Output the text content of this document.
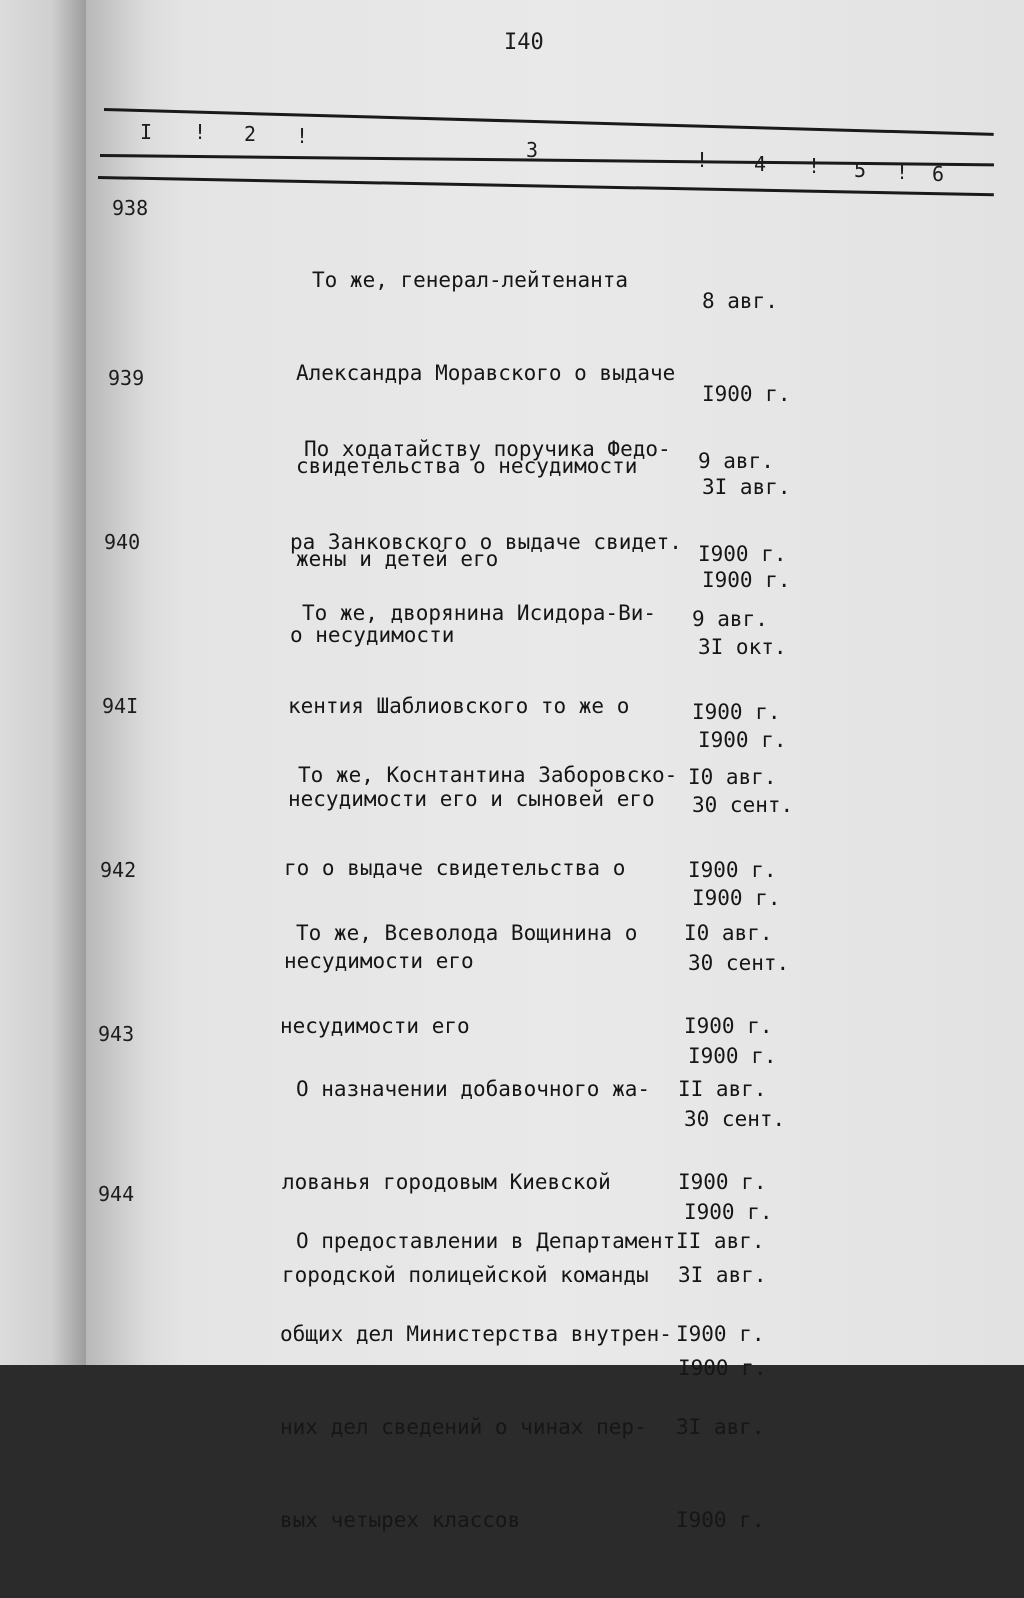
I40
I ! 2 !
3	! 4 ! 5 ! 6
938

То же, генерал-лейтенанта

Александра Моравского о выдаче

свидетельства о несудимости

жены и детей его

8 авг.

I900 г.

3I авг.

I900 г.

939

По ходатайству поручика Федо-

ра Занковского о выдаче свидет.

о несудимости

9 авг.

I900 г.

3I окт.

I900 г.

940

То же, дворянина Исидора-Ви-

кентия Шаблиовского то же о

несудимости его и сыновей его

9 авг.

I900 г.

30 сент.

I900 г.

94I

То же, Коснтантина Заборовско-

го о выдаче свидетельства о

несудимости его

I0 авг.

I900 г.

30 сент.

I900 г.

942

То же, Всеволода Вощинина о

несудимости его

I0 авг.

I900 г.

30 сент.

I900 г.

943

О назначении добавочного жа-

лованья городовым Киевской

городской полицейской команды

II авг.

I900 г.

3I авг.

I900 г.

944

О предоставлении в Департамент

общих дел Министерства внутрен-

них дел сведений о чинах пер-

вых четырех классов

II авг.

I900 г.

3I авг.

I900 г.
